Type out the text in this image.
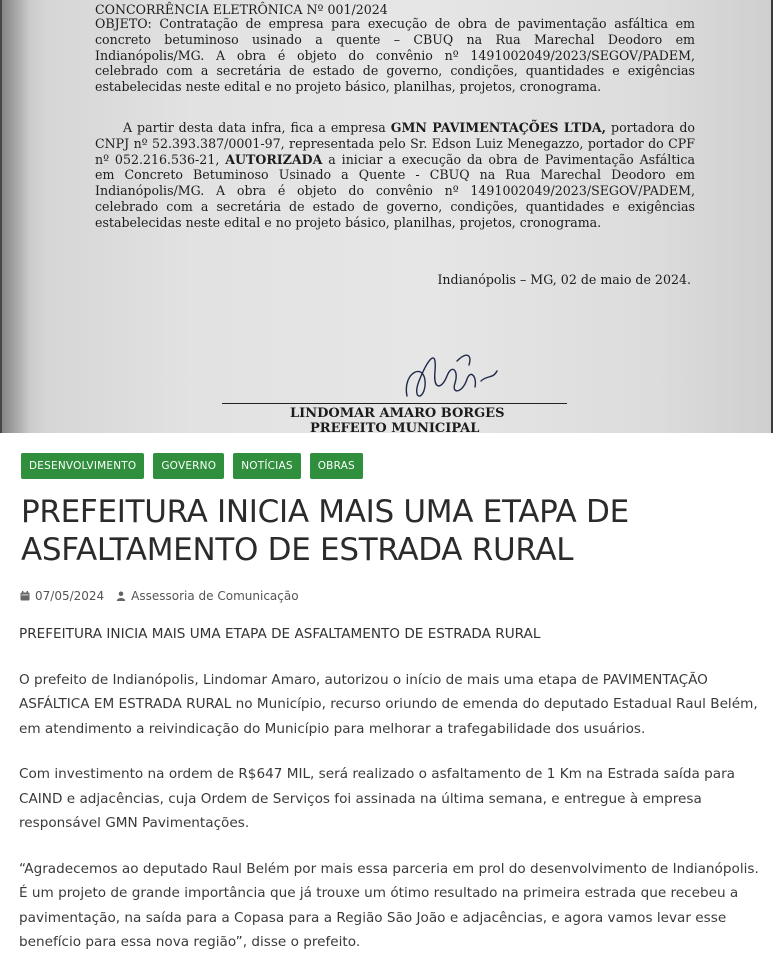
CONCORRÊNCIA ELETRÔNICA Nº 001/2024
OBJETO: Contratação de empresa para execução de obra de pavimentação asfáltica em concreto betuminoso usinado a quente – CBUQ na Rua Marechal Deodoro em Indianópolis/MG. A obra é objeto do convênio nº 1491002049/2023/SEGOV/PADEM, celebrado com a secretária de estado de governo, condições, quantidades e exigências estabelecidas neste edital e no projeto básico, planilhas, projetos, cronograma.
A partir desta data infra, fica a empresa GMN PAVIMENTAÇÕES LTDA, portadora do CNPJ nº 52.393.387/0001-97, representada pelo Sr. Edson Luiz Menegazzo, portador do CPF nº 052.216.536-21, AUTORIZADA a iniciar a execução da obra de Pavimentação Asfáltica em Concreto Betuminoso Usinado a Quente - CBUQ na Rua Marechal Deodoro em Indianópolis/MG. A obra é objeto do convênio nº 1491002049/2023/SEGOV/PADEM, celebrado com a secretária de estado de governo, condições, quantidades e exigências estabelecidas neste edital e no projeto básico, planilhas, projetos, cronograma.
Indianópolis – MG, 02 de maio de 2024.
LINDOMAR AMARO BORGES
PREFEITO MUNICIPAL
DESENVOLVIMENTO	GOVERNO	NOTÍCIAS	OBRAS
PREFEITURA INICIA MAIS UMA ETAPA DE ASFALTAMENTO DE ESTRADA RURAL
07/05/2024 Assessoria de Comunicação
PREFEITURA INICIA MAIS UMA ETAPA DE ASFALTAMENTO DE ESTRADA RURAL

O prefeito de Indianópolis, Lindomar Amaro, autorizou o início de mais uma etapa de PAVIMENTAÇÃO ASFÁLTICA EM ESTRADA RURAL no Município, recurso oriundo de emenda do deputado Estadual Raul Belém, em atendimento a reivindicação do Município para melhorar a trafegabilidade dos usuários.

Com investimento na ordem de R$647 MIL, será realizado o asfaltamento de 1 Km na Estrada saída para CAIND e adjacências, cuja Ordem de Serviços foi assinada na última semana, e entregue à empresa responsável GMN Pavimentações.

“Agradecemos ao deputado Raul Belém por mais essa parceria em prol do desenvolvimento de Indianópolis. É um projeto de grande importância que já trouxe um ótimo resultado na primeira estrada que recebeu a pavimentação, na saída para a Copasa para a Região São João e adjacências, e agora vamos levar esse benefício para essa nova região”, disse o prefeito.
